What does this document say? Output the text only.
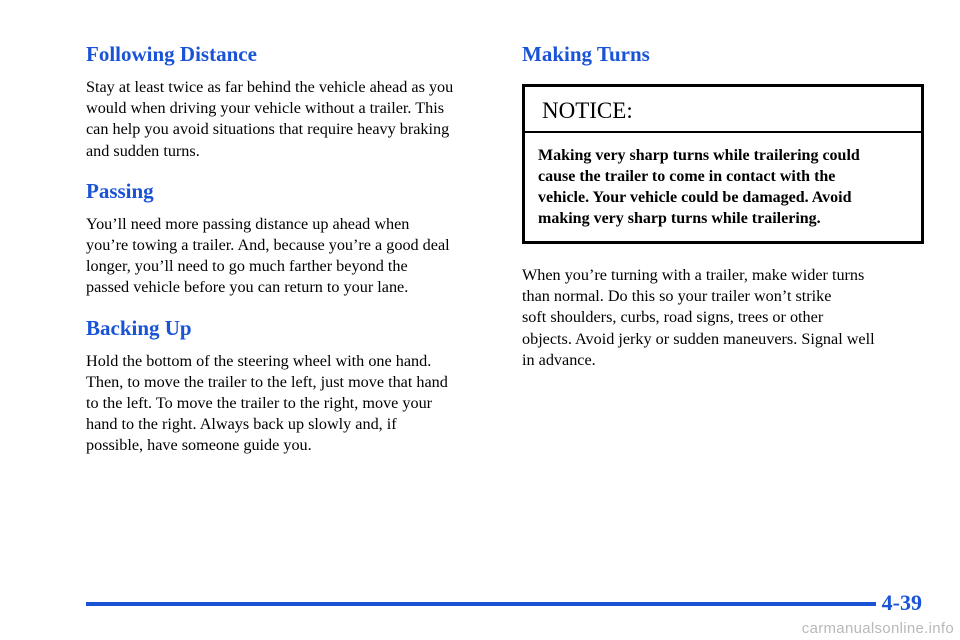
Following Distance

Stay at least twice as far behind the vehicle ahead as you
would when driving your vehicle without a trailer. This
can help you avoid situations that require heavy braking
and sudden turns.

Passing

You’ll need more passing distance up ahead when
you’re towing a trailer. And, because you’re a good deal
longer, you’ll need to go much farther beyond the
passed vehicle before you can return to your lane.

Backing Up

Hold the bottom of the steering wheel with one hand.
Then, to move the trailer to the left, just move that hand
to the left. To move the trailer to the right, move your
hand to the right. Always back up slowly and, if
possible, have someone guide you.

Making Turns
NOTICE:
Making very sharp turns while trailering could
cause the trailer to come in contact with the
vehicle. Your vehicle could be damaged. Avoid
making very sharp turns while trailering.

When you’re turning with a trailer, make wider turns
than normal. Do this so your trailer won’t strike
soft shoulders, curbs, road signs, trees or other
objects. Avoid jerky or sudden maneuvers. Signal well
in advance.

4-39
carmanualsonline.info
